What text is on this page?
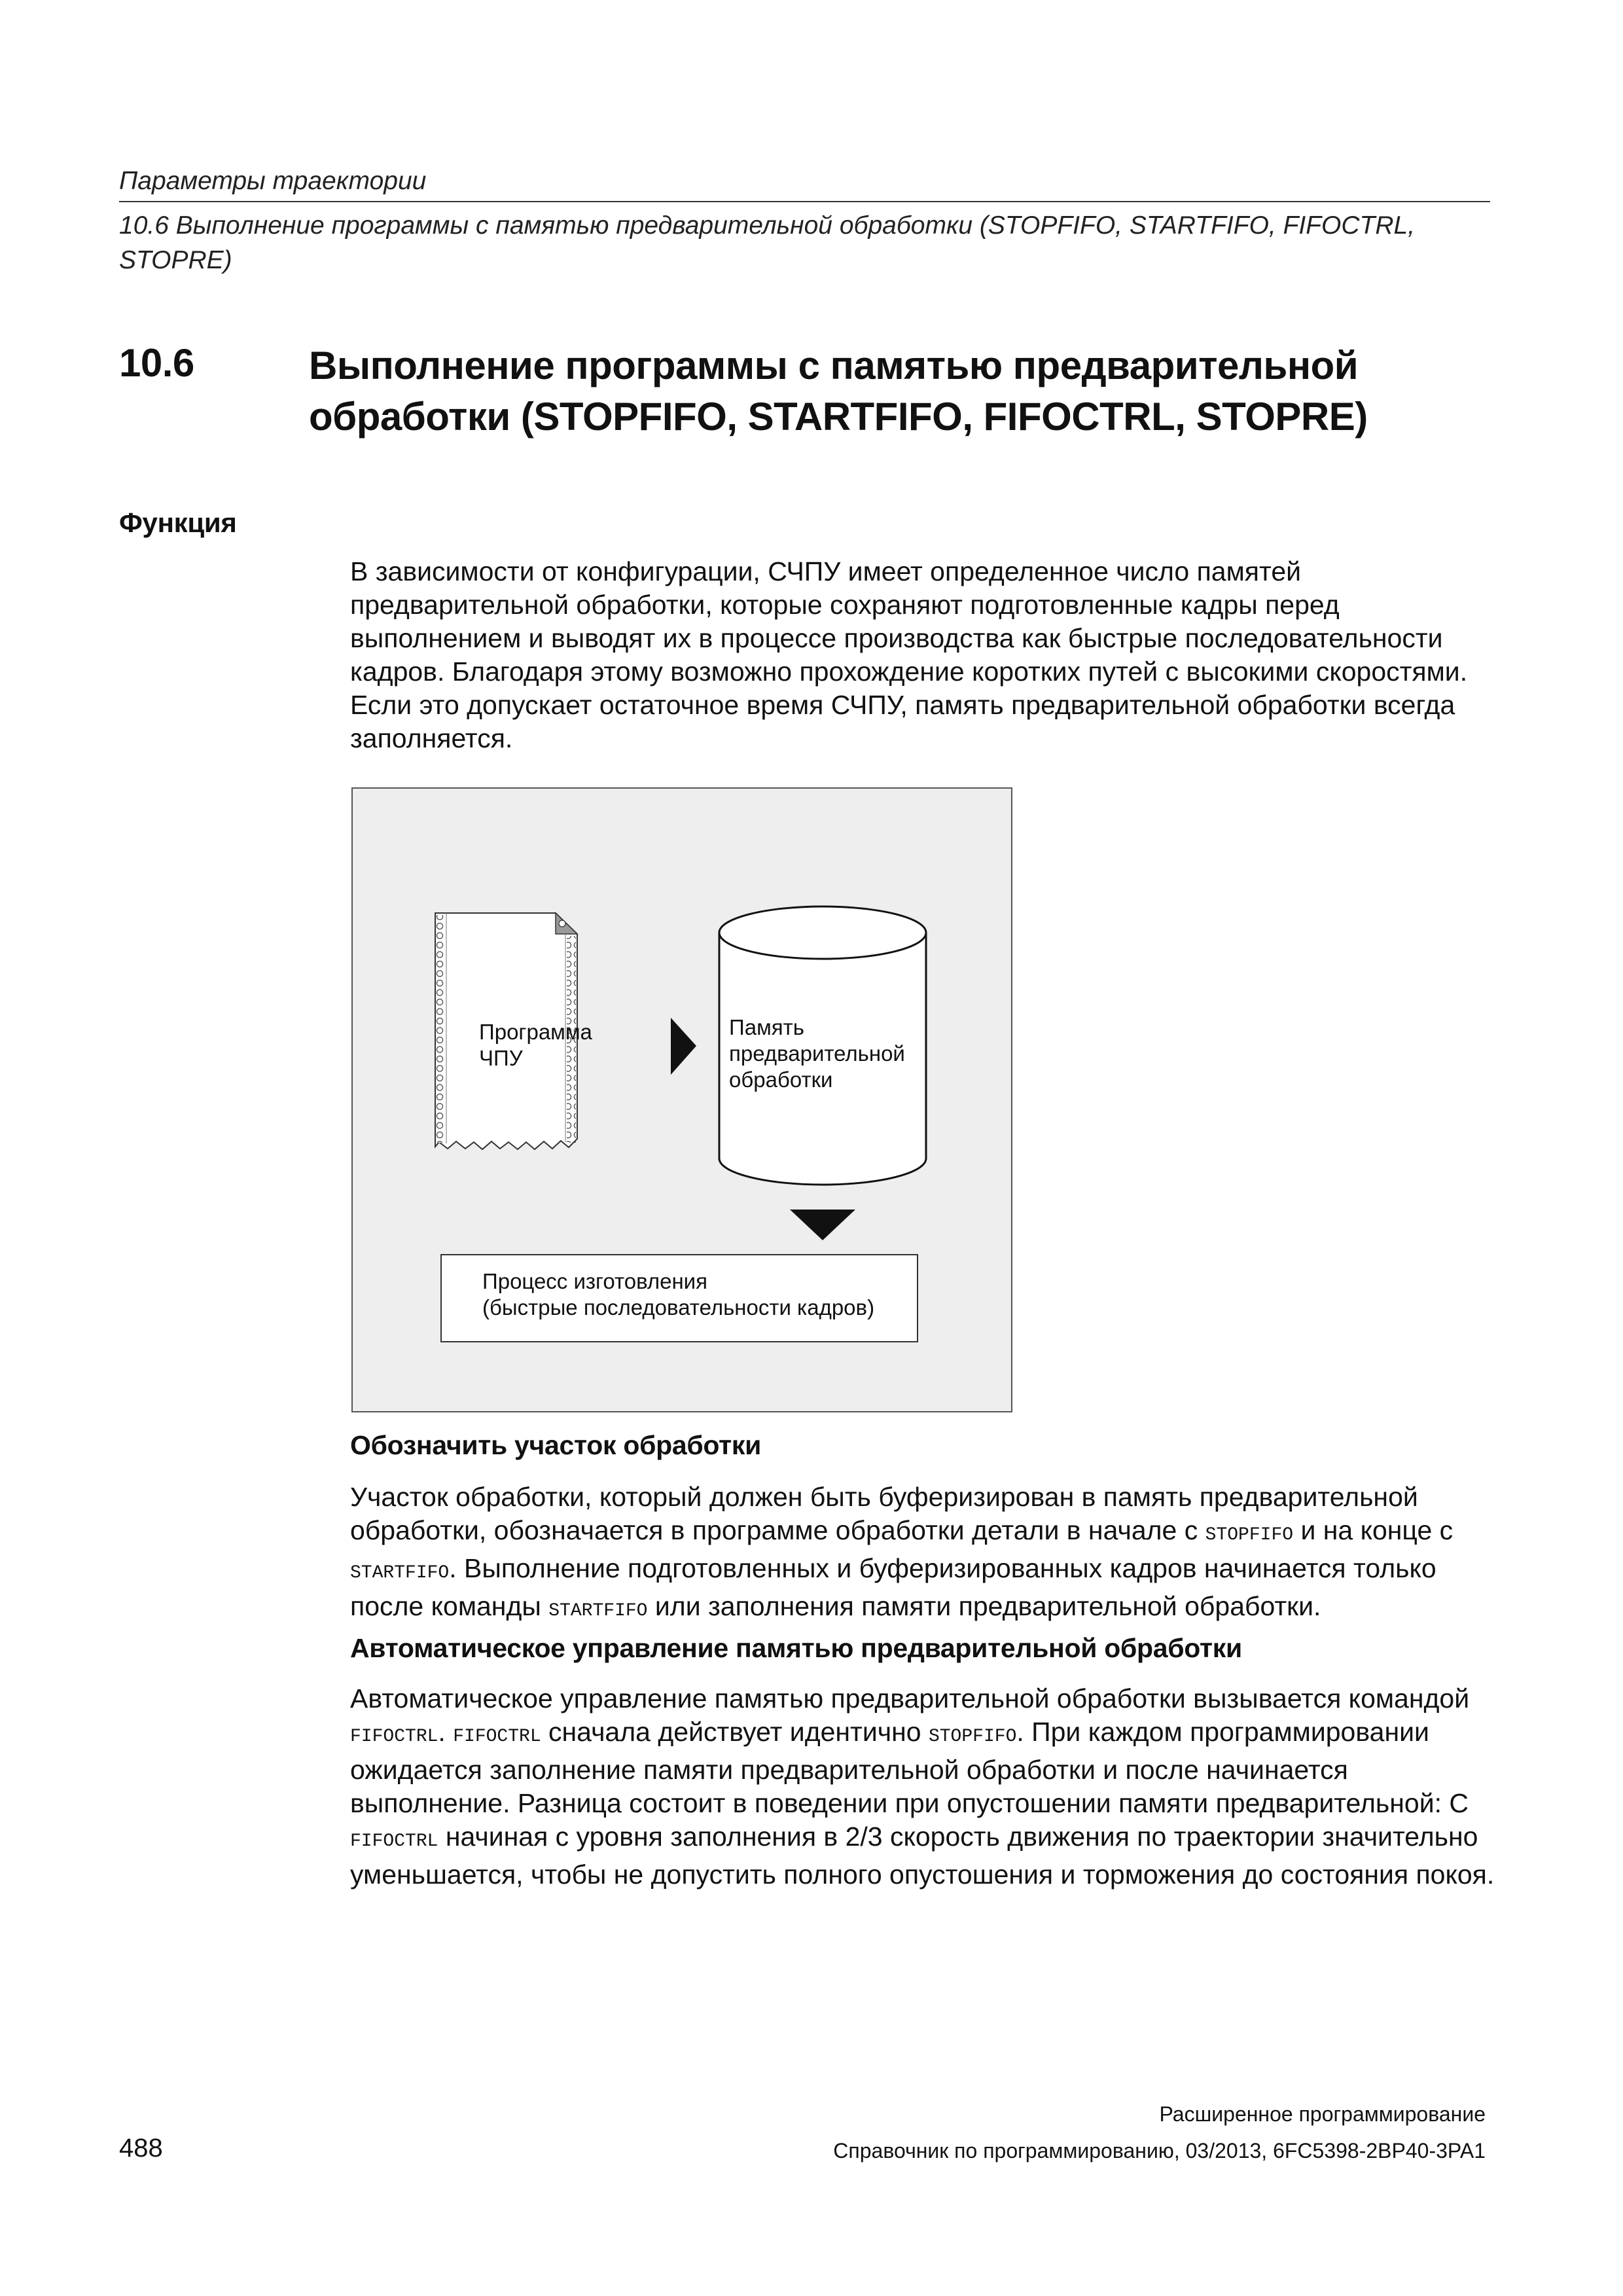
Параметры траектории
10.6 Выполнение программы с памятью предварительной обработки (STOPFIFO, STARTFIFO, FIFOCTRL, STOPRE)
10.6	Выполнение программы с памятью предварительной обработки (STOPFIFO, STARTFIFO, FIFOCTRL, STOPRE)
Функция
В зависимости от конфигурации, СЧПУ имеет определенное число памятей предварительной обработки, которые сохраняют подготовленные кадры перед выполнением и выводят их в процессе производства как быстрые последовательности кадров. Благодаря этому возможно прохождение коротких путей с высокими скоростями. Если это допускает остаточное время СЧПУ, память предварительной обработки всегда заполняется.
Программа
ЧПУ
Память
предварительной
обработки
Процесс изготовления
(быстрые последовательности кадров)
Обозначить участок обработки
Участок обработки, который должен быть буферизирован в память предварительной обработки, обозначается в программе обработки детали в начале с STOPFIFO и на конце с STARTFIFO. Выполнение подготовленных и буферизированных кадров начинается только после команды STARTFIFO или заполнения памяти предварительной обработки.
Автоматическое управление памятью предварительной обработки
Автоматическое управление памятью предварительной обработки вызывается командой FIFOCTRL. FIFOCTRL сначала действует идентично STOPFIFO. При каждом программировании ожидается заполнение памяти предварительной обработки и после начинается выполнение. Разница состоит в поведении при опустошении памяти предварительной: С FIFOCTRL начиная с уровня заполнения в 2/3 скорость движения по траектории значительно уменьшается, чтобы не допустить полного опустошения и торможения до состояния покоя.
Расширенное программирование
488	Справочник по программированию, 03/2013, 6FC5398-2BP40-3PA1
